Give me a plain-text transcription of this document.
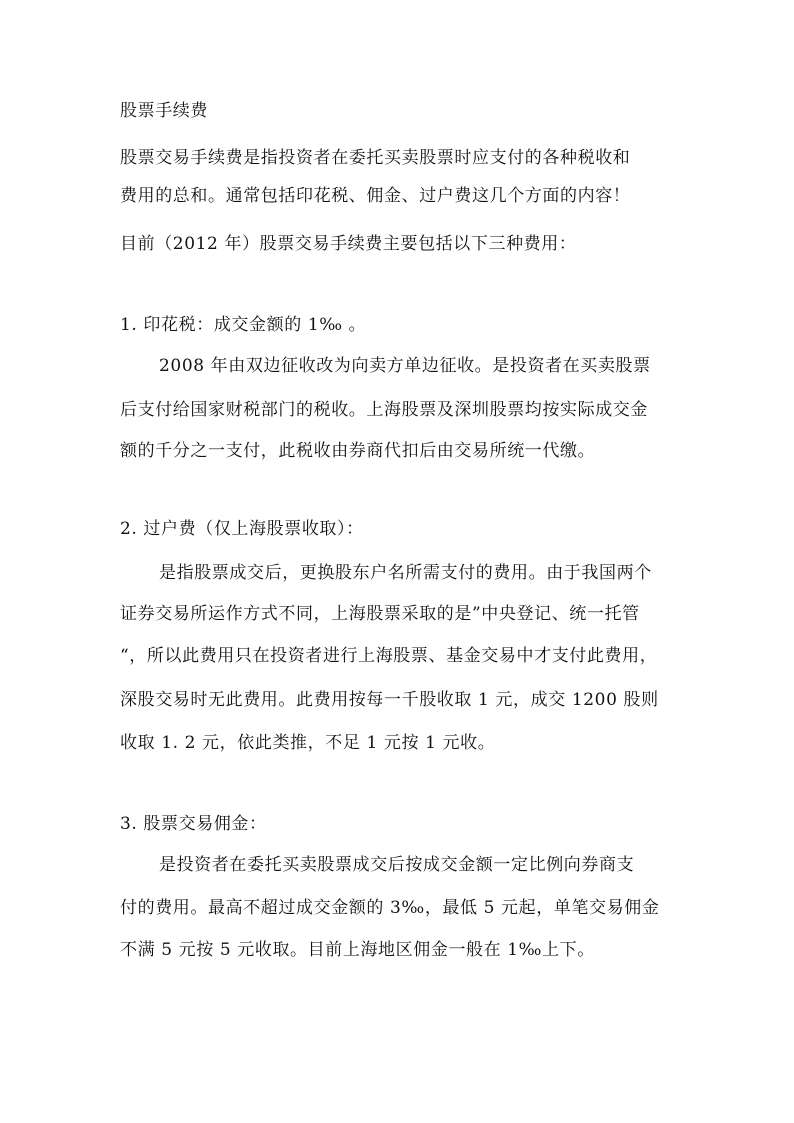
股票手续费
股票交易手续费是指投资者在委托买卖股票时应支付的各种税收和
费用的总和。通常包括印花税、佣金、过户费这几个方面的内容！
目前（2012 年）股票交易手续费主要包括以下三种费用：
1. 印花税：成交金额的 1‰ 。
2008 年由双边征收改为向卖方单边征收。是投资者在买卖股票
后支付给国家财税部门的税收。上海股票及深圳股票均按实际成交金
额的千分之一支付，此税收由券商代扣后由交易所统一代缴。
2. 过户费（仅上海股票收取）：
是指股票成交后，更换股东户名所需支付的费用。由于我国两个
证券交易所运作方式不同，上海股票采取的是”中央登记、统一托管
“，所以此费用只在投资者进行上海股票、基金交易中才支付此费用，
深股交易时无此费用。此费用按每一千股收取 1 元，成交 1200 股则
收取 1. 2 元，依此类推，不足 1 元按 1 元收。
3. 股票交易佣金：
是投资者在委托买卖股票成交后按成交金额一定比例向券商支
付的费用。最高不超过成交金额的 3‰，最低 5 元起，单笔交易佣金
不满 5 元按 5 元收取。目前上海地区佣金一般在 1‰上下。
